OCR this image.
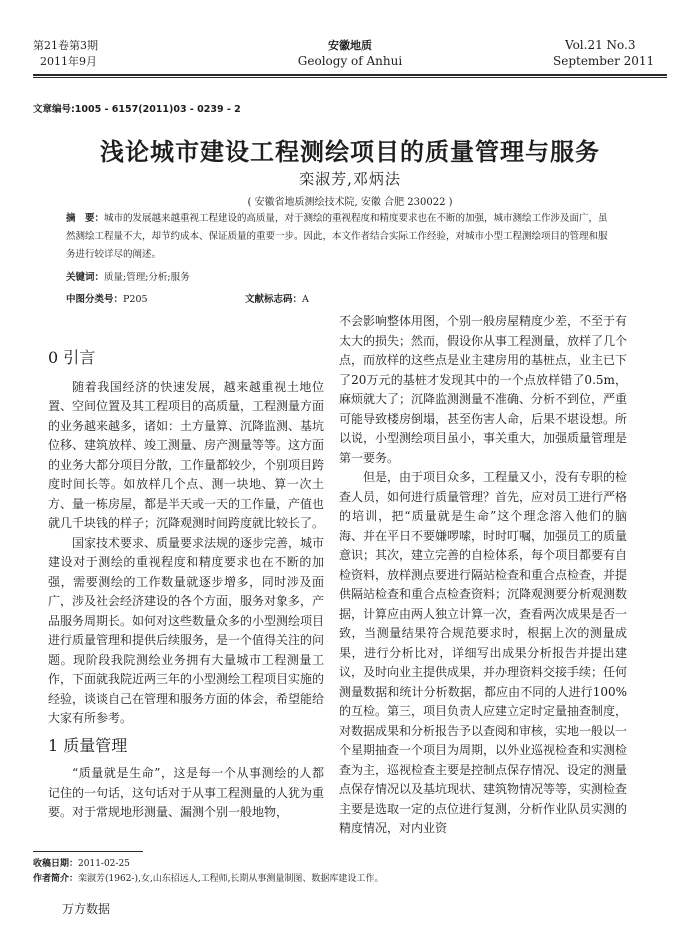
第21卷第3期
2011年9月
安徽地质
Geology of Anhui
Vol.21 No.3
September 2011
文章编号:1005 - 6157(2011)03 - 0239 - 2
浅论城市建设工程测绘项目的质量管理与服务
栾淑芳,邓炳法
( 安徽省地质测绘技术院, 安徽 合肥 230022 )
摘　要：城市的发展越来越重视工程建设的高质量，对于测绘的重视程度和精度要求也在不断的加强，城市测绘工作涉及面广，虽然测绘工程量不大，却节约成本、保证质量的重要一步。因此，本文作者结合实际工作经验，对城市小型工程测绘项目的管理和服务进行较详尽的阐述。
关键词：质量;管理;分析;服务
中图分类号：P205	文献标志码：A
0 引言

随着我国经济的快速发展，越来越重视土地位置、空间位置及其工程项目的高质量，工程测量方面的业务越来越多，诸如：土方量算、沉降监测、基坑位移、建筑放样、竣工测量、房产测量等等。这方面的业务大都分项目分散，工作量都较少，个别项目跨度时间长等。如放样几个点、测一块地、算一次土方、量一栋房屋，都是半天或一天的工作量，产值也就几千块钱的样子；沉降观测时间跨度就比较长了。

国家技术要求、质量要求法规的逐步完善，城市建设对于测绘的重视程度和精度要求也在不断的加强，需要测绘的工作数量就逐步增多，同时涉及面广，涉及社会经济建设的各个方面，服务对象多，产品服务周期长。如何对这些数量众多的小型测绘项目进行质量管理和提供后续服务，是一个值得关注的问题。现阶段我院测绘业务拥有大量城市工程测量工作，下面就我院近两三年的小型测绘工程项目实施的经验，谈谈自己在管理和服务方面的体会，希望能给大家有所参考。

1 质量管理

“质量就是生命”，这是每一个从事测绘的人都记住的一句话，这句话对于从事工程测量的人犹为重要。对于常规地形测量、漏测个别一般地物，

不会影响整体用图，个别一般房屋精度少差，不至于有太大的损失；然而，假设你从事工程测量，放样了几个点，而放样的这些点是业主建房用的基桩点，业主已下了20万元的基桩才发现其中的一个点放样错了0.5m，麻烦就大了；沉降监测测量不准确、分析不到位，严重可能导致楼房倒塌，甚至伤害人命，后果不堪设想。所以说，小型测绘项目虽小，事关重大，加强质量管理是第一要务。

但是，由于项目众多，工程量又小，没有专职的检查人员，如何进行质量管理？首先，应对员工进行严格的培训，把“质量就是生命”这个理念溶入他们的脑海、并在平日不要嫌啰嗦，时时叮嘱，加强员工的质量意识；其次，建立完善的自检体系，每个项目都要有自检资料，放样测点要进行隔站检查和重合点检查，并提供隔站检查和重合点检查资料；沉降观测要分析观测数据，计算应由两人独立计算一次，查看两次成果是否一致，当测量结果符合规范要求时，根据上次的测量成果，进行分析比对，详细写出成果分析报告并提出建议，及时向业主提供成果，并办理资料交接手续；任何测量数据和统计分析数据，都应由不同的人进行100%的互检。第三，项目负责人应建立定时定量抽查制度，对数据成果和分析报告予以查阅和审核，实地一般以一个星期抽查一个项目为周期，以外业巡视检查和实测检查为主，巡视检查主要是控制点保存情况、设定的测量点保存情况以及基坑现状、建筑物情况等等，实测检查主要是选取一定的点位进行复测，分析作业队员实测的精度情况，对内业资

收稿日期：2011-02-25
作者简介：栾淑芳(1962-),女,山东招远人,工程师,长期从事测量制图、数据库建设工作。
万方数据
